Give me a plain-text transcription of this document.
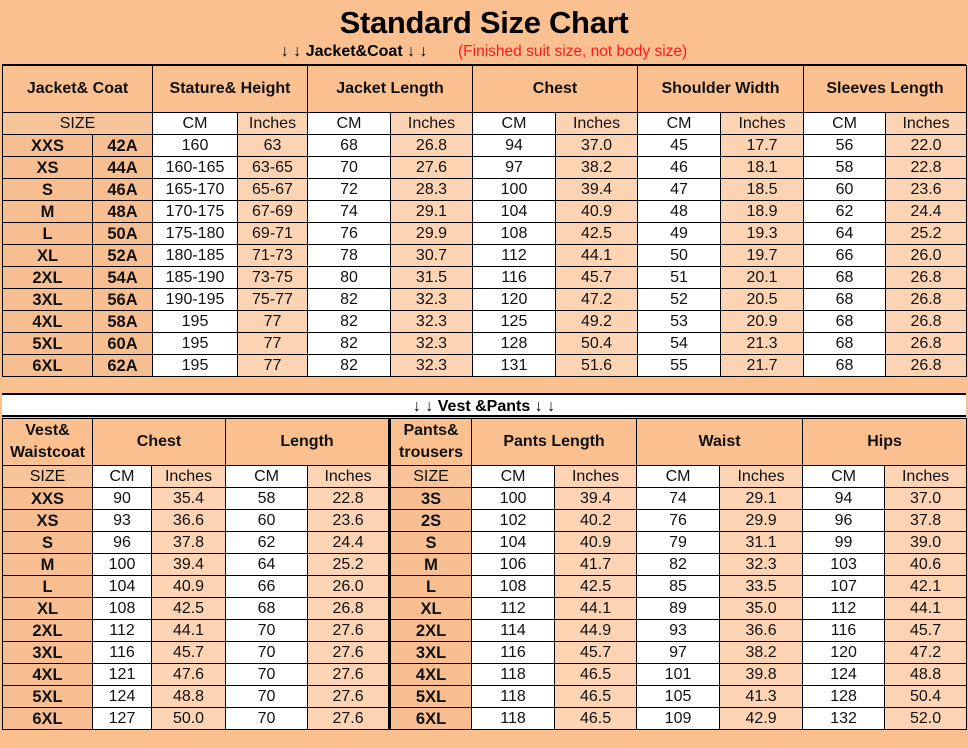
Standard Size Chart
↓ ↓ Jacket&Coat ↓ ↓ (Finished suit size, not body size)
Jacket& Coat		Stature& Height		Jacket Length		Chest		Shoulder Width		Sleeves Length	
SIZE		CM	Inches	CM	Inches	CM	Inches	CM	Inches	CM	Inches
XXS	42A	160	63	68	26.8	94	37.0	45	17.7	56	22.0
XS	44A	160-165	63-65	70	27.6	97	38.2	46	18.1	58	22.8
S	46A	165-170	65-67	72	28.3	100	39.4	47	18.5	60	23.6
M	48A	170-175	67-69	74	29.1	104	40.9	48	18.9	62	24.4
L	50A	175-180	69-71	76	29.9	108	42.5	49	19.3	64	25.2
XL	52A	180-185	71-73	78	30.7	112	44.1	50	19.7	66	26.0
2XL	54A	185-190	73-75	80	31.5	116	45.7	51	20.1	68	26.8
3XL	56A	190-195	75-77	82	32.3	120	47.2	52	20.5	68	26.8
4XL	58A	195	77	82	32.3	125	49.2	53	20.9	68	26.8
5XL	60A	195	77	82	32.3	128	50.4	54	21.3	68	26.8
6XL	62A	195	77	82	32.3	131	51.6	55	21.7	68	26.8
↓ ↓ Vest &Pants ↓ ↓
Vest& Waistcoat	Chest		Length		Pants& trousers	Pants Length		Waist		Hips	
SIZE	CM	Inches	CM	Inches	SIZE	CM	Inches	CM	Inches	CM	Inches
XXS	90	35.4	58	22.8	3S	100	39.4	74	29.1	94	37.0
XS	93	36.6	60	23.6	2S	102	40.2	76	29.9	96	37.8
S	96	37.8	62	24.4	S	104	40.9	79	31.1	99	39.0
M	100	39.4	64	25.2	M	106	41.7	82	32.3	103	40.6
L	104	40.9	66	26.0	L	108	42.5	85	33.5	107	42.1
XL	108	42.5	68	26.8	XL	112	44.1	89	35.0	112	44.1
2XL	112	44.1	70	27.6	2XL	114	44.9	93	36.6	116	45.7
3XL	116	45.7	70	27.6	3XL	116	45.7	97	38.2	120	47.2
4XL	121	47.6	70	27.6	4XL	118	46.5	101	39.8	124	48.8
5XL	124	48.8	70	27.6	5XL	118	46.5	105	41.3	128	50.4
6XL	127	50.0	70	27.6	6XL	118	46.5	109	42.9	132	52.0
